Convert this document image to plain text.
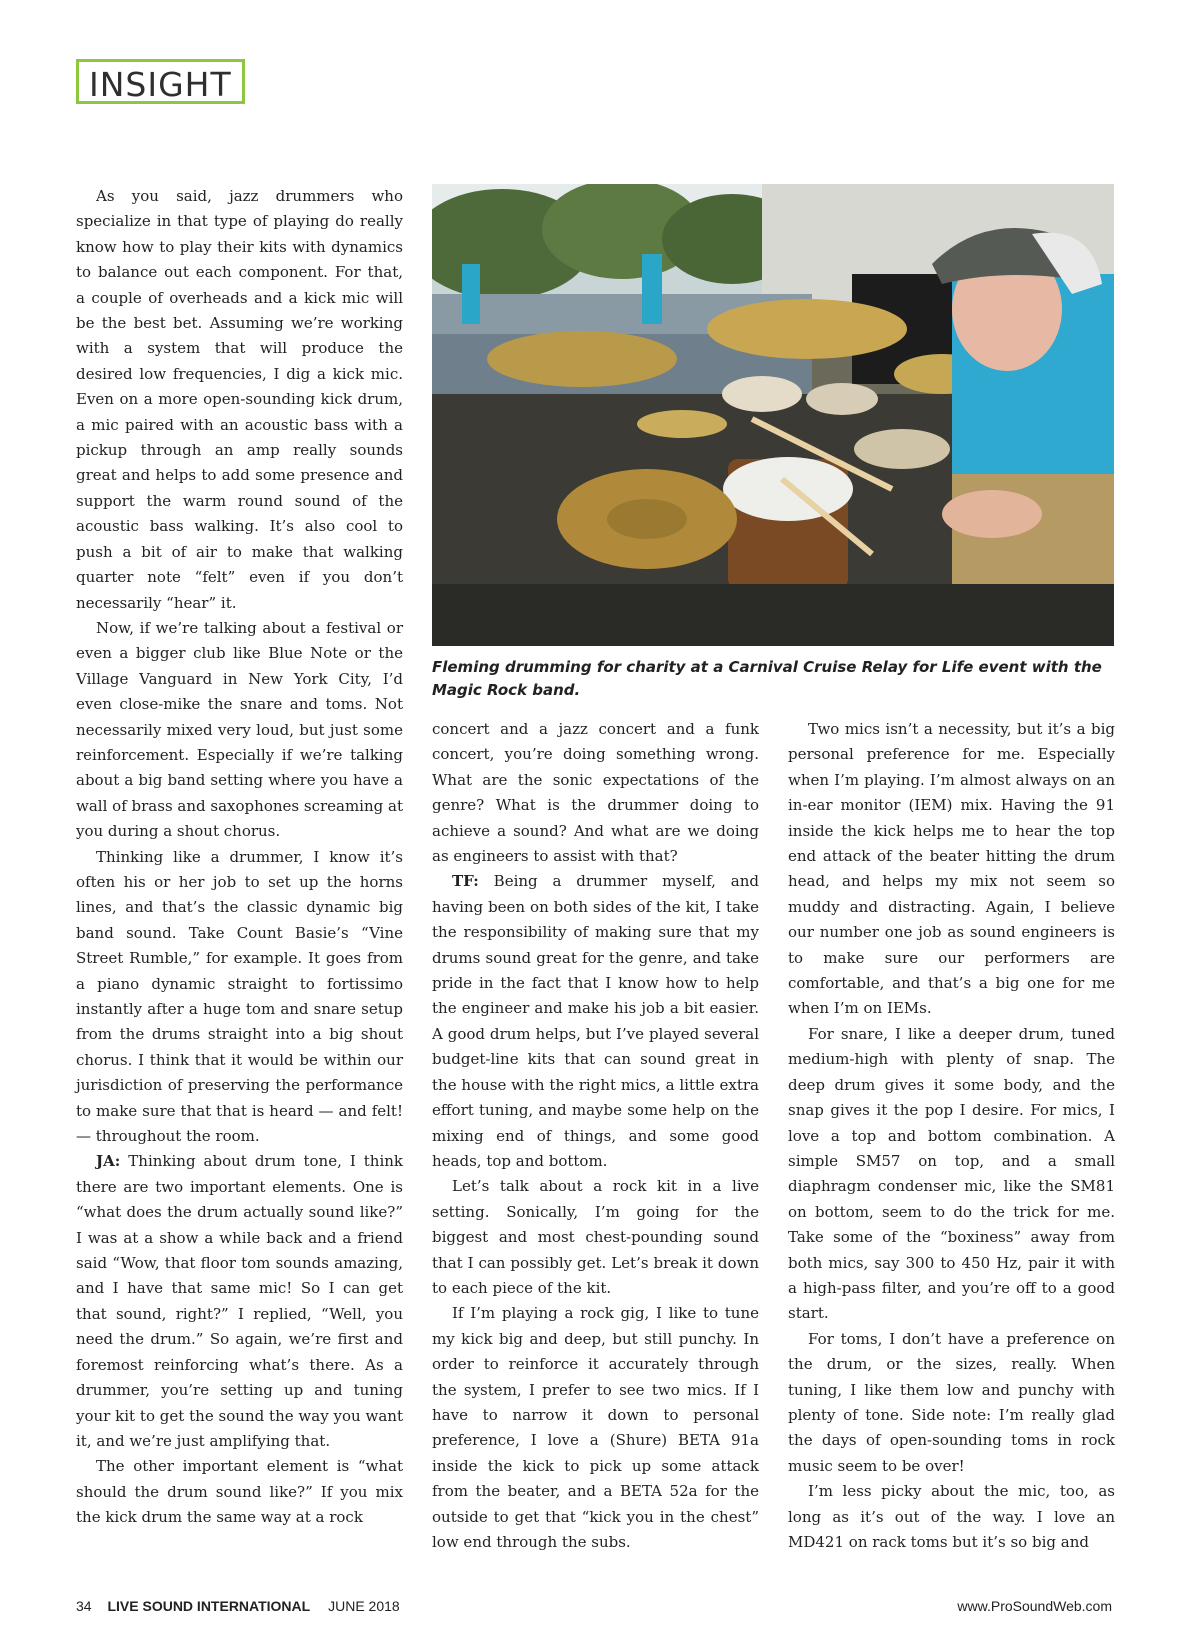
INSIGHT

As you said, jazz drummers who specialize in that type of playing do really know how to play their kits with dynamics to balance out each component. For that, a couple of overheads and a kick mic will be the best bet. Assuming we’re working with a system that will produce the desired low frequencies, I dig a kick mic. Even on a more open-sounding kick drum, a mic paired with an acoustic bass with a pickup through an amp really sounds great and helps to add some presence and support the warm round sound of the acoustic bass walking. It’s also cool to push a bit of air to make that walking quarter note “felt” even if you don’t necessarily “hear” it.

Now, if we’re talking about a festival or even a bigger club like Blue Note or the Village Vanguard in New York City, I’d even close-mike the snare and toms. Not necessarily mixed very loud, but just some reinforcement. Especially if we’re talking about a big band setting where you have a wall of brass and saxophones screaming at you during a shout chorus.

Thinking like a drummer, I know it’s often his or her job to set up the horns lines, and that’s the classic dynamic big band sound. Take Count Basie’s “Vine Street Rumble,” for example. It goes from a piano dynamic straight to fortissimo instantly after a huge tom and snare setup from the drums straight into a big shout chorus. I think that it would be within our jurisdiction of preserving the performance to make sure that that is heard — and felt! — throughout the room.

JA: Thinking about drum tone, I think there are two important elements. One is “what does the drum actually sound like?” I was at a show a while back and a friend said “Wow, that floor tom sounds amazing, and I have that same mic! So I can get that sound, right?” I replied, “Well, you need the drum.” So again, we’re first and foremost reinforcing what’s there. As a drummer, you’re setting up and tuning your kit to get the sound the way you want it, and we’re just amplifying that.

The other important element is “what should the drum sound like?” If you mix the kick drum the same way at a rock

Fleming drumming for charity at a Carnival Cruise Relay for Life event with the Magic Rock band.

concert and a jazz concert and a funk concert, you’re doing something wrong. What are the sonic expectations of the genre? What is the drummer doing to achieve a sound? And what are we doing as engineers to assist with that?

TF: Being a drummer myself, and having been on both sides of the kit, I take the responsibility of making sure that my drums sound great for the genre, and take pride in the fact that I know how to help the engineer and make his job a bit easier. A good drum helps, but I’ve played several budget-line kits that can sound great in the house with the right mics, a little extra effort tuning, and maybe some help on the mixing end of things, and some good heads, top and bottom.

Let’s talk about a rock kit in a live setting. Sonically, I’m going for the biggest and most chest-pounding sound that I can possibly get. Let’s break it down to each piece of the kit.

If I’m playing a rock gig, I like to tune my kick big and deep, but still punchy. In order to reinforce it accurately through the system, I prefer to see two mics. If I have to narrow it down to personal preference, I love a (Shure) BETA 91a inside the kick to pick up some attack from the beater, and a BETA 52a for the outside to get that “kick you in the chest” low end through the subs.

Two mics isn’t a necessity, but it’s a big personal preference for me. Especially when I’m playing. I’m almost always on an in-ear monitor (IEM) mix. Having the 91 inside the kick helps me to hear the top end attack of the beater hitting the drum head, and helps my mix not seem so muddy and distracting. Again, I believe our number one job as sound engineers is to make sure our performers are comfortable, and that’s a big one for me when I’m on IEMs.

For snare, I like a deeper drum, tuned medium-high with plenty of snap. The deep drum gives it some body, and the snap gives it the pop I desire. For mics, I love a top and bottom combination. A simple SM57 on top, and a small diaphragm condenser mic, like the SM81 on bottom, seem to do the trick for me. Take some of the “boxiness” away from both mics, say 300 to 450 Hz, pair it with a high-pass filter, and you’re off to a good start.

For toms, I don’t have a preference on the drum, or the sizes, really. When tuning, I like them low and punchy with plenty of tone. Side note: I’m really glad the days of open-sounding toms in rock music seem to be over!

I’m less picky about the mic, too, as long as it’s out of the way. I love an MD421 on rack toms but it’s so big and

34 LIVE SOUND INTERNATIONAL JUNE 2018	www.ProSoundWeb.com
